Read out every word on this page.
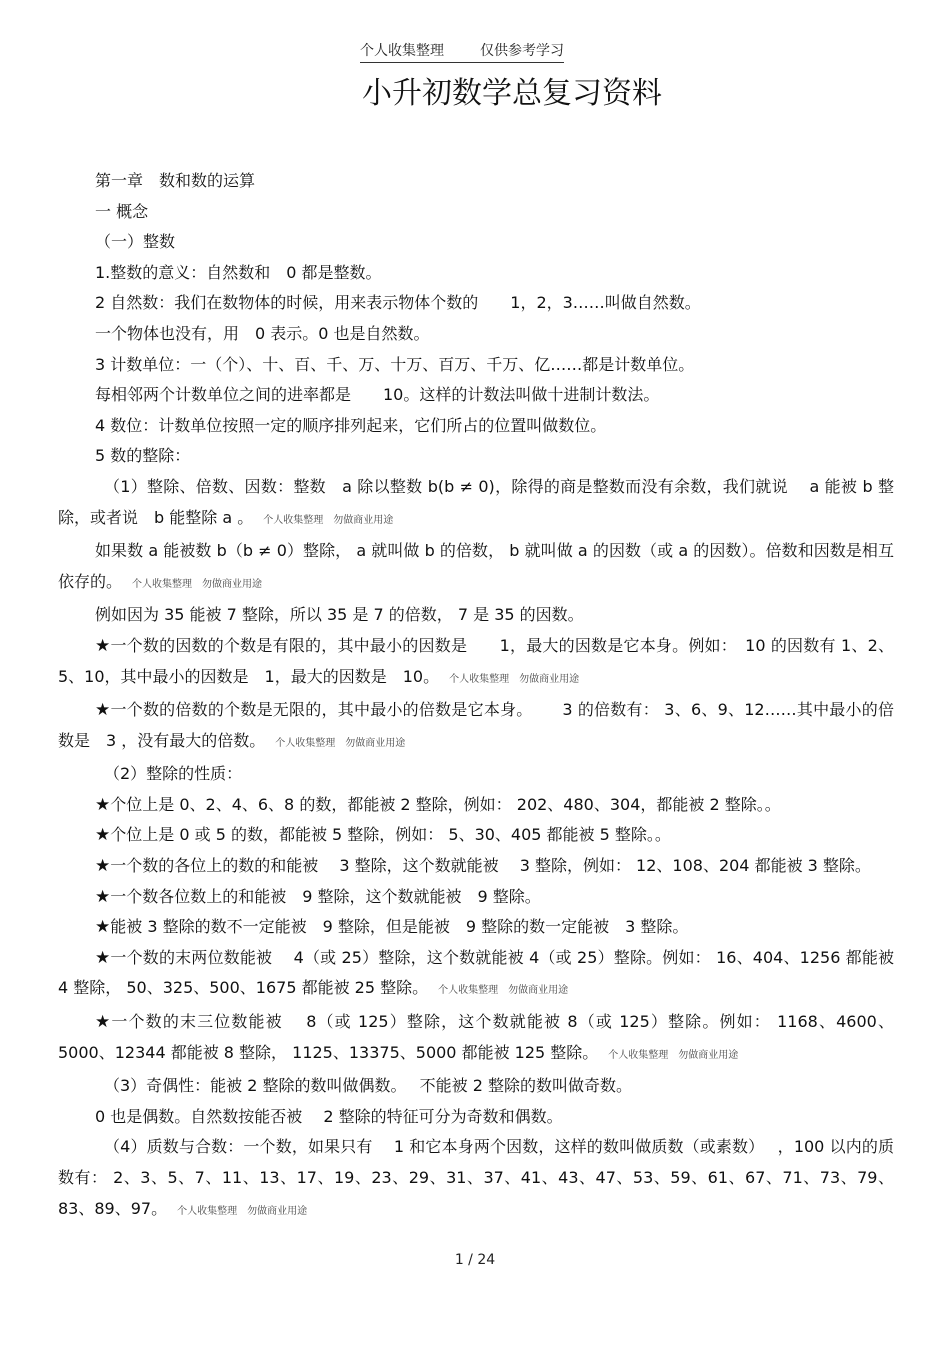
个人收集整理	仅供参考学习
小升初数学总复习资料

第一章　数和数的运算

一 概念

（一）整数

1.整数的意义：自然数和　0 都是整数。

2 自然数：我们在数物体的时候，用来表示物体个数的　　1，2，3……叫做自然数。

一个物体也没有，用　0 表示。0 也是自然数。

3 计数单位：一（个）、十、百、千、万、十万、百万、千万、亿……都是计数单位。

每相邻两个计数单位之间的进率都是　　10。这样的计数法叫做十进制计数法。

4 数位：计数单位按照一定的顺序排列起来，它们所占的位置叫做数位。

5 数的整除：

（1）整除、倍数、因数：整数　a 除以整数 b(b ≠ 0)，除得的商是整数而没有余数，我们就说　 a 能被 b 整除，或者说　b 能整除 a 。 个人收集整理　勿做商业用途

如果数 a 能被数 b（b ≠ 0）整除， a 就叫做 b 的倍数， b 就叫做 a 的因数（或 a 的因数）。倍数和因数是相互依存的。 个人收集整理　勿做商业用途

例如因为 35 能被 7 整除，所以 35 是 7 的倍数， 7 是 35 的因数。

★一个数的因数的个数是有限的，其中最小的因数是　　1，最大的因数是它本身。例如：　10 的因数有 1、2、5、10，其中最小的因数是　1，最大的因数是　10。 个人收集整理　勿做商业用途

★一个数的倍数的个数是无限的，其中最小的倍数是它本身。　　 3 的倍数有： 3、6、9、12……其中最小的倍数是　3 ，没有最大的倍数。 个人收集整理　勿做商业用途

（2）整除的性质：

★个位上是 0、2、4、6、8 的数，都能被 2 整除，例如： 202、480、304，都能被 2 整除。。

★个位上是 0 或 5 的数，都能被 5 整除，例如： 5、30、405 都能被 5 整除。。

★一个数的各位上的数的和能被　 3 整除，这个数就能被　 3 整除，例如： 12、108、204 都能被 3 整除。

★一个数各位数上的和能被　9 整除，这个数就能被　9 整除。

★能被 3 整除的数不一定能被　9 整除，但是能被　9 整除的数一定能被　3 整除。

★一个数的末两位数能被　 4（或 25）整除，这个数就能被 4（或 25）整除。例如： 16、404、1256 都能被 4 整除， 50、325、500、1675 都能被 25 整除。 个人收集整理　勿做商业用途

★一个数的末三位数能被　 8（或 125）整除，这个数就能被 8（或 125）整除。例如： 1168、4600、5000、12344 都能被 8 整除， 1125、13375、5000 都能被 125 整除。 个人收集整理　勿做商业用途

（3）奇偶性：能被 2 整除的数叫做偶数。　 不能被 2 整除的数叫做奇数。

0 也是偶数。自然数按能否被　 2 整除的特征可分为奇数和偶数。

（4）质数与合数：一个数，如果只有　 1 和它本身两个因数，这样的数叫做质数（或素数）　 ，100 以内的质数有： 2、3、5、7、11、13、17、19、23、29、31、37、41、43、47、53、59、61、67、71、73、79、83、89、97。 个人收集整理　勿做商业用途

1 / 24
